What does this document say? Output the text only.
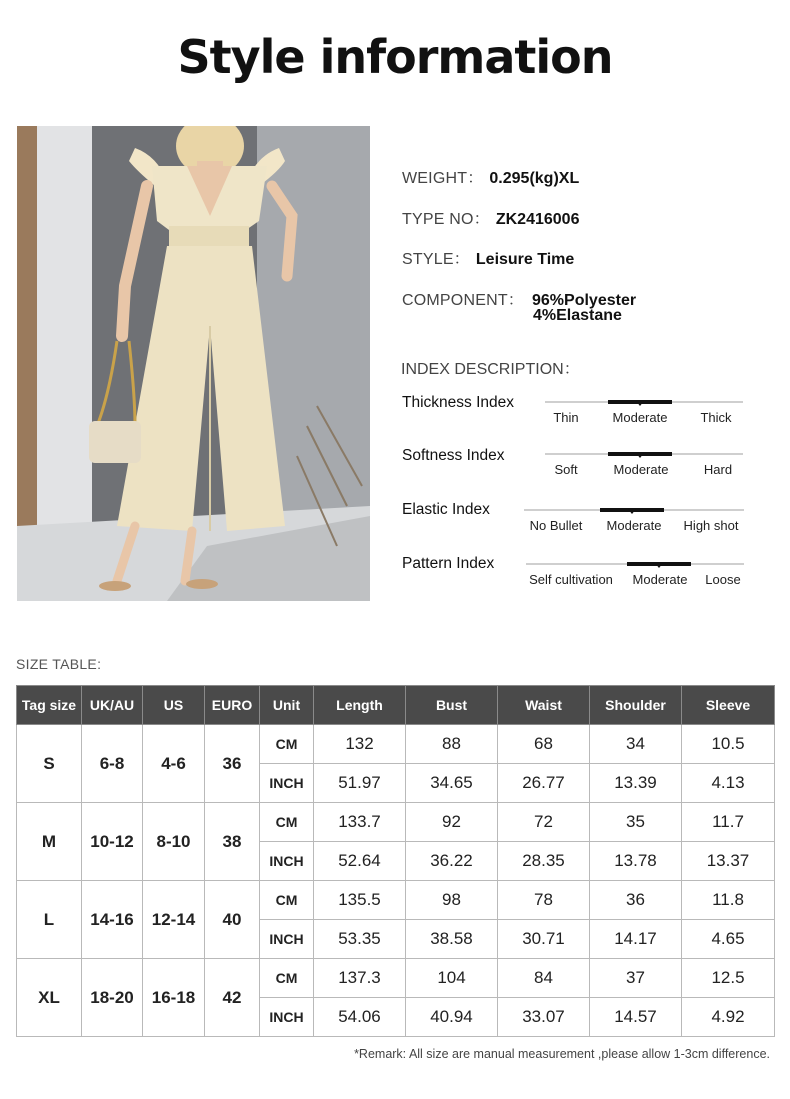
Style information
WEIGHT： 0.295(kg)XL
TYPE NO： ZK2416006
STYLE： Leisure Time
COMPONENT： 96%Polyester
4%Elastane
INDEX DESCRIPTION：
Thickness Index
Thin	Moderate	Thick
Softness Index
Soft	Moderate	Hard
Elastic Index
No Bullet Moderate High shot
Pattern Index
Self cultivation Moderate Loose
SIZE TABLE:
Tag size	UK/AU	US	EURO	Unit	Length	Bust	Waist	Shoulder	Sleeve
S	6-8	4-6	36	CM	132	88	68	34	10.5
				INCH	51.97	34.65	26.77	13.39	4.13
M	10-12	8-10	38	CM	133.7	92	72	35	11.7
				INCH	52.64	36.22	28.35	13.78	13.37
L	14-16	12-14	40	CM	135.5	98	78	36	11.8
				INCH	53.35	38.58	30.71	14.17	4.65
XL	18-20	16-18	42	CM	137.3	104	84	37	12.5
				INCH	54.06	40.94	33.07	14.57	4.92
*Remark: All size are manual measurement ,please allow 1-3cm difference.
